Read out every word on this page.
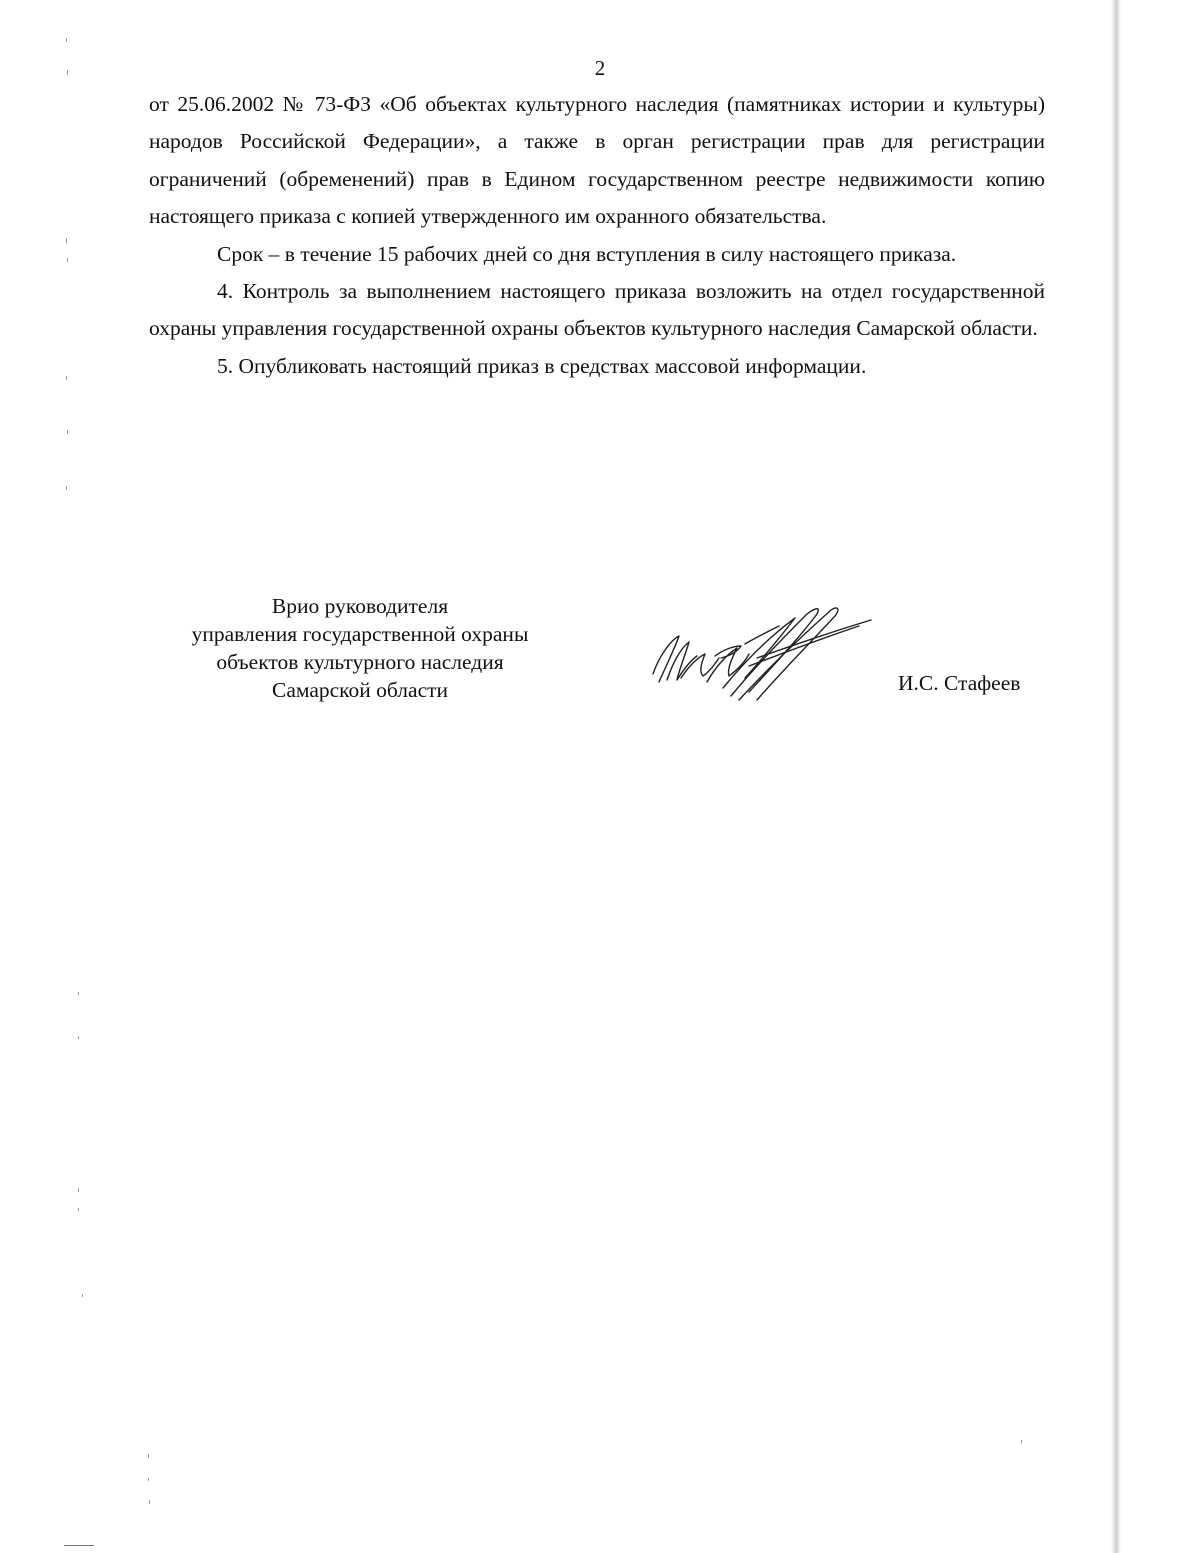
2

от 25.06.2002 № 73-ФЗ «Об объектах культурного наследия (памятниках истории и культуры) народов Российской Федерации», а также в орган регистрации прав для регистрации ограничений (обременений) прав в Едином государственном реестре недвижимости копию настоящего приказа с копией утвержденного им охранного обязательства.

Срок – в течение 15 рабочих дней со дня вступления в силу настоящего приказа.

4. Контроль за выполнением настоящего приказа возложить на отдел государственной охраны управления государственной охраны объектов культурного наследия Самарской области.

5. Опубликовать настоящий приказ в средствах массовой информации.

Врио руководителя
управления государственной охраны
объектов культурного наследия
Самарской области	И.С. Стафеев
